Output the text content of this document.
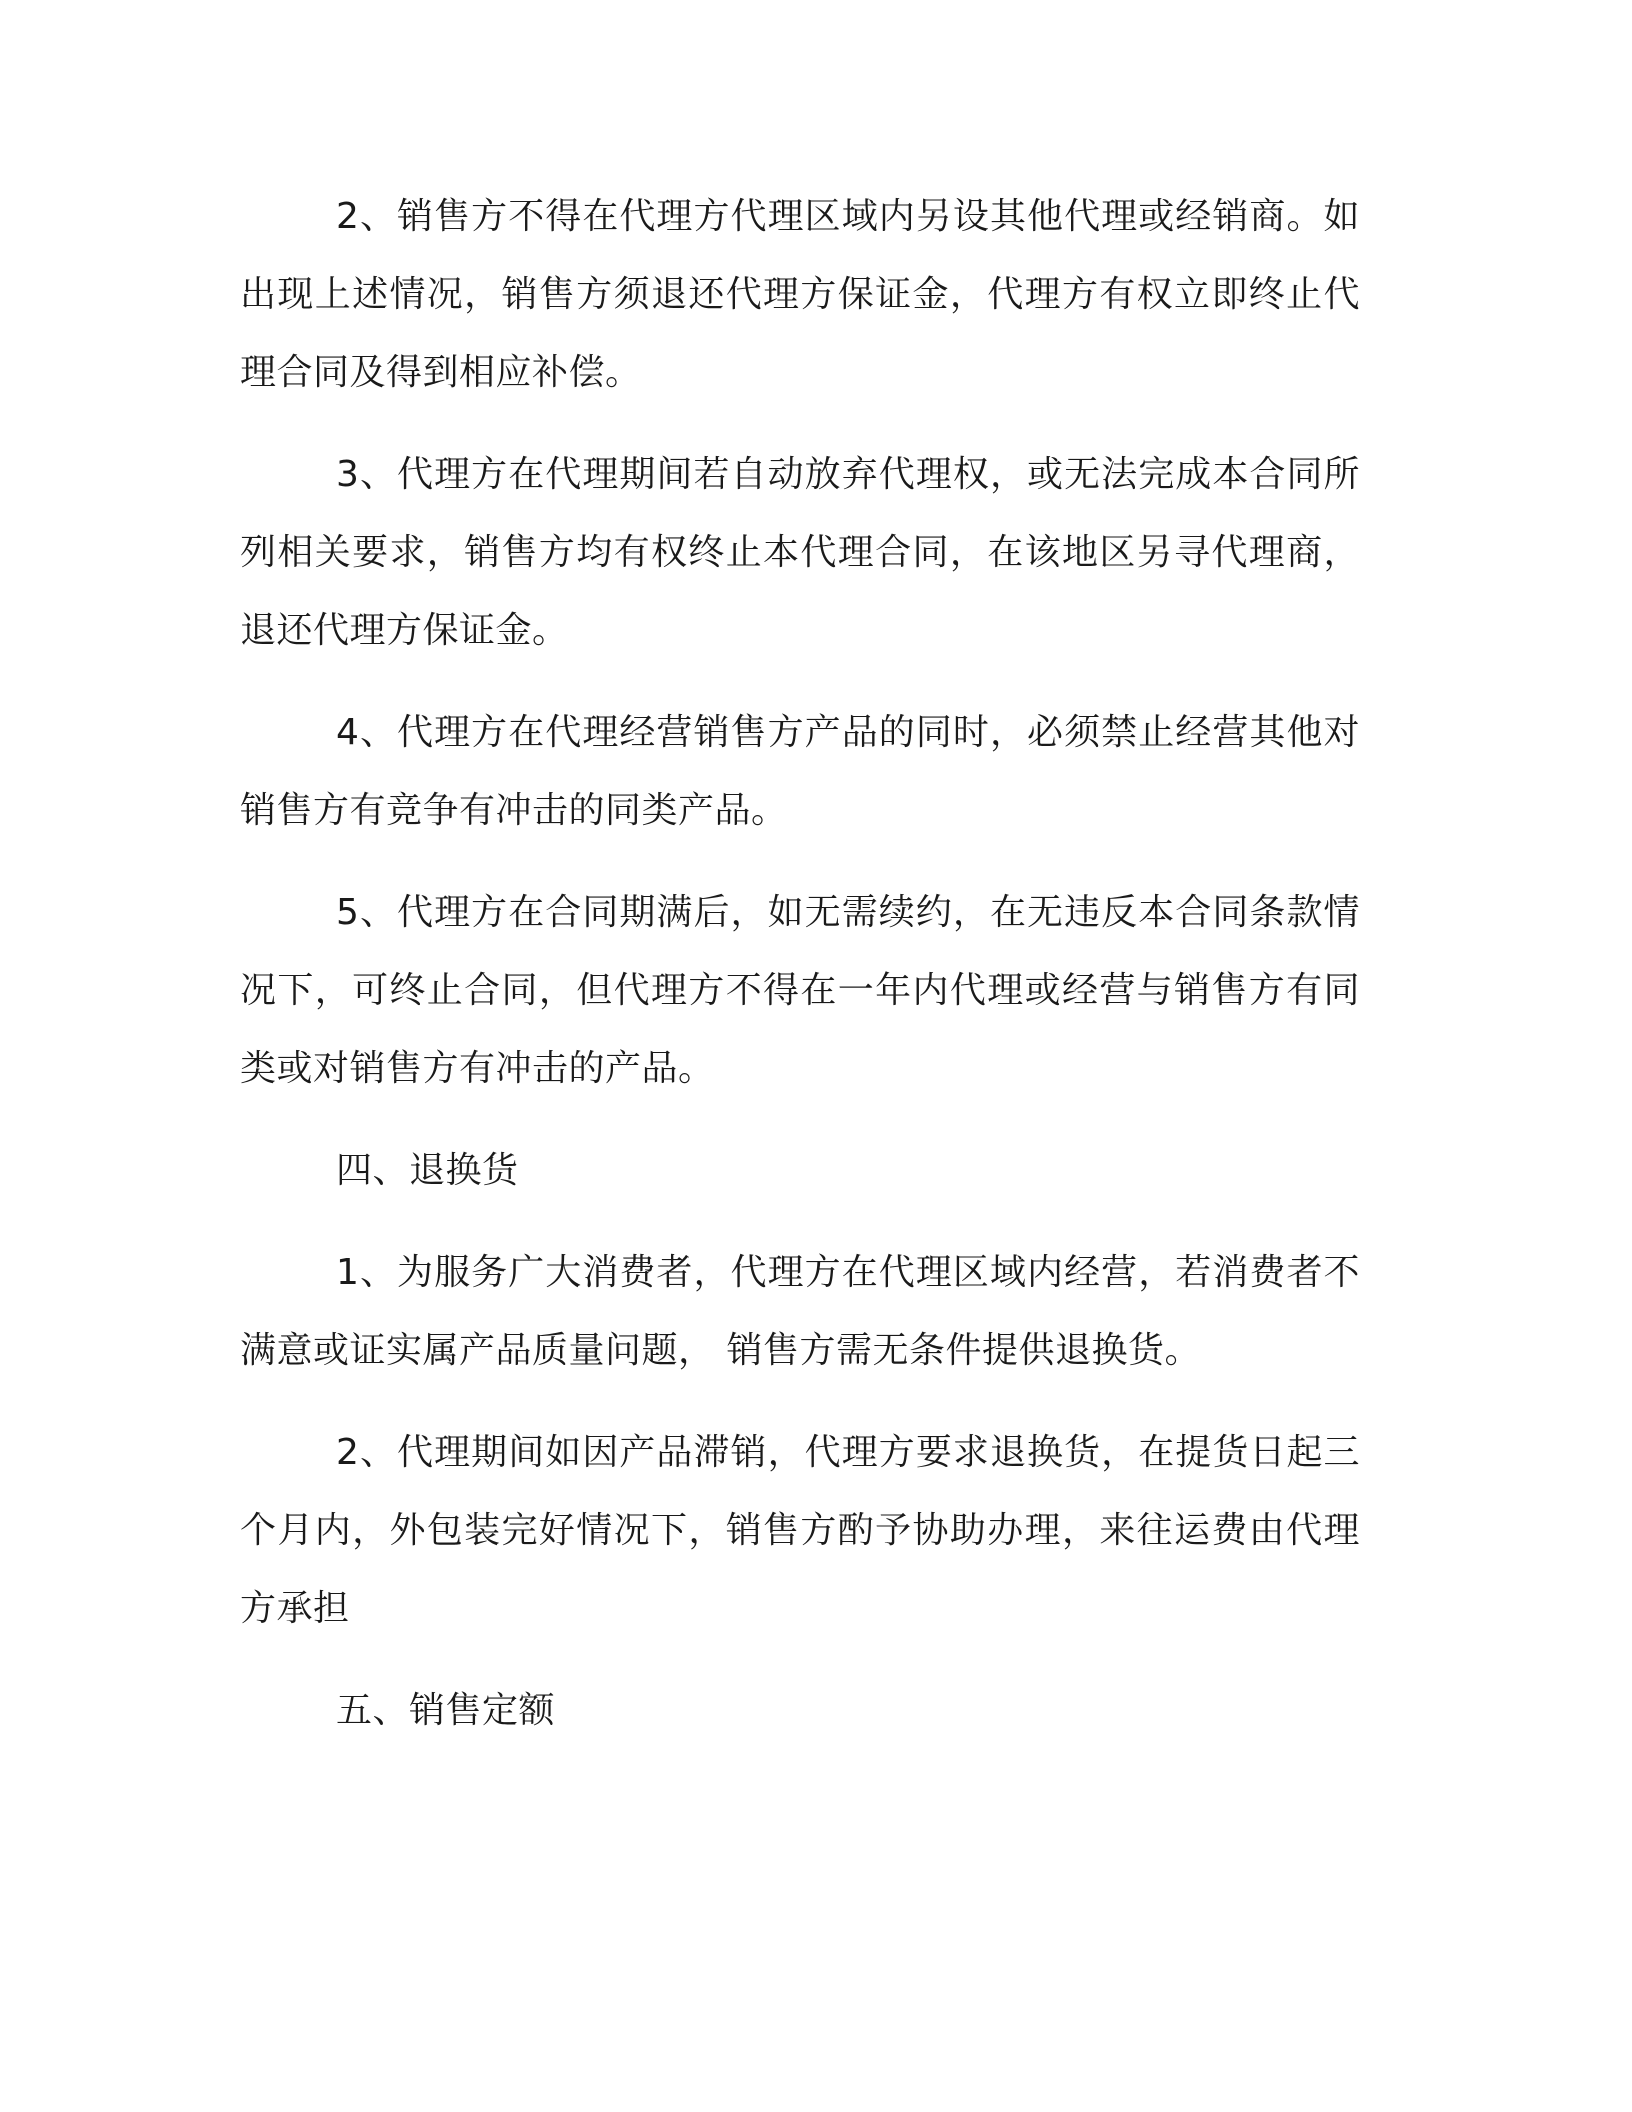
2、销售方不得在代理方代理区域内另设其他代理或经销商。如出现上述情况，销售方须退还代理方保证金，代理方有权立即终止代理合同及得到相应补偿。

3、代理方在代理期间若自动放弃代理权，或无法完成本合同所列相关要求，销售方均有权终止本代理合同，在该地区另寻代理商，退还代理方保证金。

4、代理方在代理经营销售方产品的同时，必须禁止经营其他对销售方有竞争有冲击的同类产品。

5、代理方在合同期满后，如无需续约，在无违反本合同条款情况下，可终止合同，但代理方不得在一年内代理或经营与销售方有同类或对销售方有冲击的产品。

四、退换货

1、为服务广大消费者，代理方在代理区域内经营，若消费者不满意或证实属产品质量问题， 销售方需无条件提供退换货。

2、代理期间如因产品滞销，代理方要求退换货，在提货日起三个月内，外包装完好情况下，销售方酌予协助办理，来往运费由代理方承担

五、销售定额
